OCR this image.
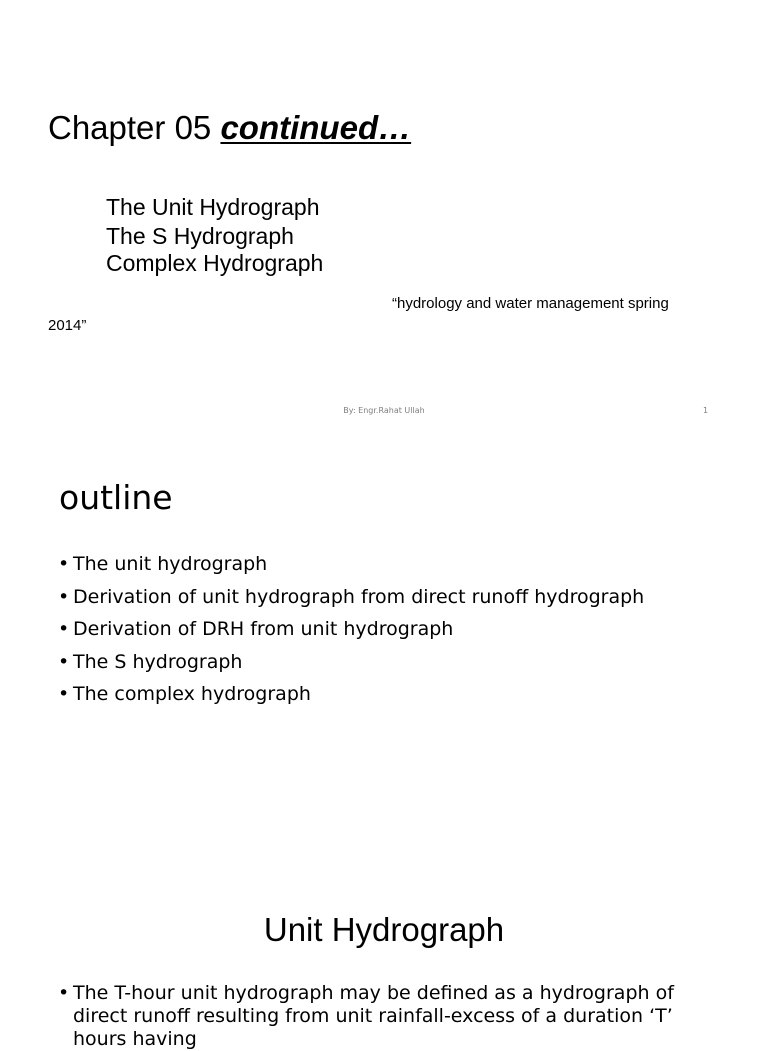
Chapter 05 continued…
The Unit Hydrograph
The S Hydrograph
Complex Hydrograph
“hydrology and water management spring
2014”
By: Engr.Rahat Ullah	1
outline
• The unit hydrograph
• Derivation of unit hydrograph from direct runoff hydrograph
• Derivation of DRH from unit hydrograph
• The S hydrograph
• The complex hydrograph
Unit Hydrograph
• The T-hour unit hydrograph may be defined as a hydrograph of direct runoff resulting from unit rainfall-excess of a duration ‘T’ hours having
